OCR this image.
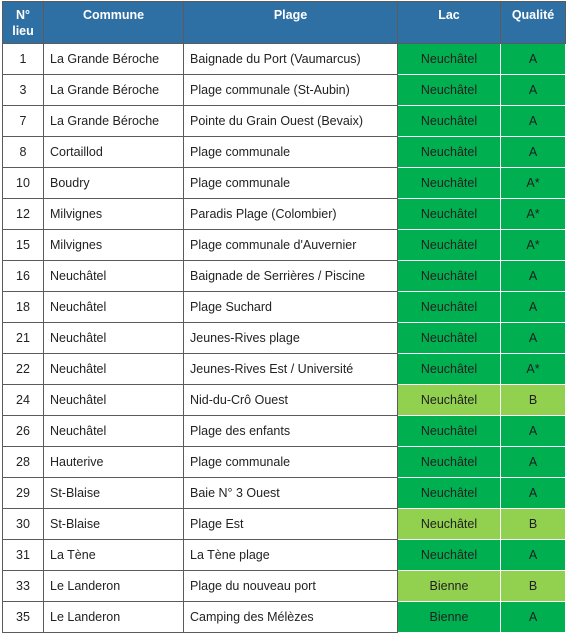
N°
lieu	Commune	Plage	Lac	Qualité
1	La Grande Béroche	Baignade du Port (Vaumarcus)	Neuchâtel	A
3	La Grande Béroche	Plage communale (St-Aubin)	Neuchâtel	A
7	La Grande Béroche	Pointe du Grain Ouest (Bevaix)	Neuchâtel	A
8	Cortaillod	Plage communale	Neuchâtel	A
10	Boudry	Plage communale	Neuchâtel	A*
12	Milvignes	Paradis Plage (Colombier)	Neuchâtel	A*
15	Milvignes	Plage communale d'Auvernier	Neuchâtel	A*
16	Neuchâtel	Baignade de Serrières / Piscine	Neuchâtel	A
18	Neuchâtel	Plage Suchard	Neuchâtel	A
21	Neuchâtel	Jeunes-Rives plage	Neuchâtel	A
22	Neuchâtel	Jeunes-Rives Est / Université	Neuchâtel	A*
24	Neuchâtel	Nid-du-Crô Ouest	Neuchâtel	B
26	Neuchâtel	Plage des enfants	Neuchâtel	A
28	Hauterive	Plage communale	Neuchâtel	A
29	St-Blaise	Baie N° 3 Ouest	Neuchâtel	A
30	St-Blaise	Plage Est	Neuchâtel	B
31	La Tène	La Tène plage	Neuchâtel	A
33	Le Landeron	Plage du nouveau port	Bienne	B
35	Le Landeron	Camping des Mélèzes	Bienne	A
